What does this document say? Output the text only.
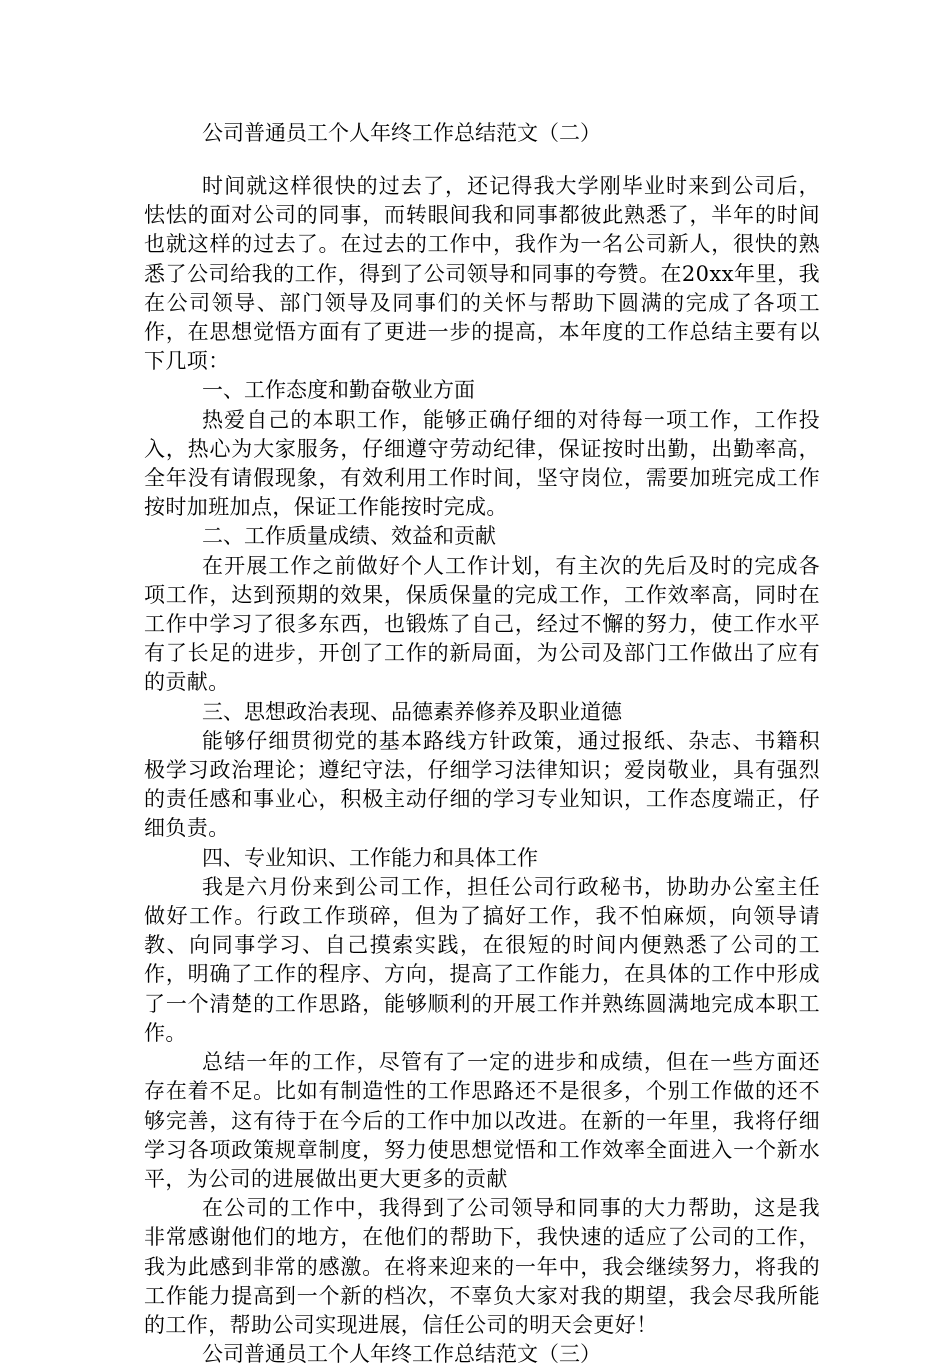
公司普通员工个人年终工作总结范文（二）

时间就这样很快的过去了，还记得我大学刚毕业时来到公司后，怯怯的面对公司的同事，而转眼间我和同事都彼此熟悉了，半年的时间也就这样的过去了。在过去的工作中，我作为一名公司新人，很快的熟悉了公司给我的工作，得到了公司领导和同事的夸赞。在20xx年里，我在公司领导、部门领导及同事们的关怀与帮助下圆满的完成了各项工作，在思想觉悟方面有了更进一步的提高，本年度的工作总结主要有以下几项：

一、工作态度和勤奋敬业方面

热爱自己的本职工作，能够正确仔细的对待每一项工作，工作投入，热心为大家服务，仔细遵守劳动纪律，保证按时出勤，出勤率高，全年没有请假现象，有效利用工作时间，坚守岗位，需要加班完成工作按时加班加点，保证工作能按时完成。

二、工作质量成绩、效益和贡献

在开展工作之前做好个人工作计划，有主次的先后及时的完成各项工作，达到预期的效果，保质保量的完成工作，工作效率高，同时在工作中学习了很多东西，也锻炼了自己，经过不懈的努力，使工作水平有了长足的进步，开创了工作的新局面，为公司及部门工作做出了应有的贡献。

三、思想政治表现、品德素养修养及职业道德

能够仔细贯彻党的基本路线方针政策，通过报纸、杂志、书籍积极学习政治理论；遵纪守法，仔细学习法律知识；爱岗敬业，具有强烈的责任感和事业心，积极主动仔细的学习专业知识，工作态度端正，仔细负责。

四、专业知识、工作能力和具体工作

我是六月份来到公司工作，担任公司行政秘书，协助办公室主任做好工作。行政工作琐碎，但为了搞好工作，我不怕麻烦，向领导请教、向同事学习、自己摸索实践，在很短的时间内便熟悉了公司的工作，明确了工作的程序、方向，提高了工作能力，在具体的工作中形成了一个清楚的工作思路，能够顺利的开展工作并熟练圆满地完成本职工作。

总结一年的工作，尽管有了一定的进步和成绩，但在一些方面还存在着不足。比如有制造性的工作思路还不是很多，个别工作做的还不够完善，这有待于在今后的工作中加以改进。在新的一年里，我将仔细学习各项政策规章制度，努力使思想觉悟和工作效率全面进入一个新水平，为公司的进展做出更大更多的贡献

在公司的工作中，我得到了公司领导和同事的大力帮助，这是我非常感谢他们的地方，在他们的帮助下，我快速的适应了公司的工作，我为此感到非常的感激。在将来迎来的一年中，我会继续努力，将我的工作能力提高到一个新的档次，不辜负大家对我的期望，我会尽我所能的工作，帮助公司实现进展，信任公司的明天会更好！

公司普通员工个人年终工作总结范文（三）
